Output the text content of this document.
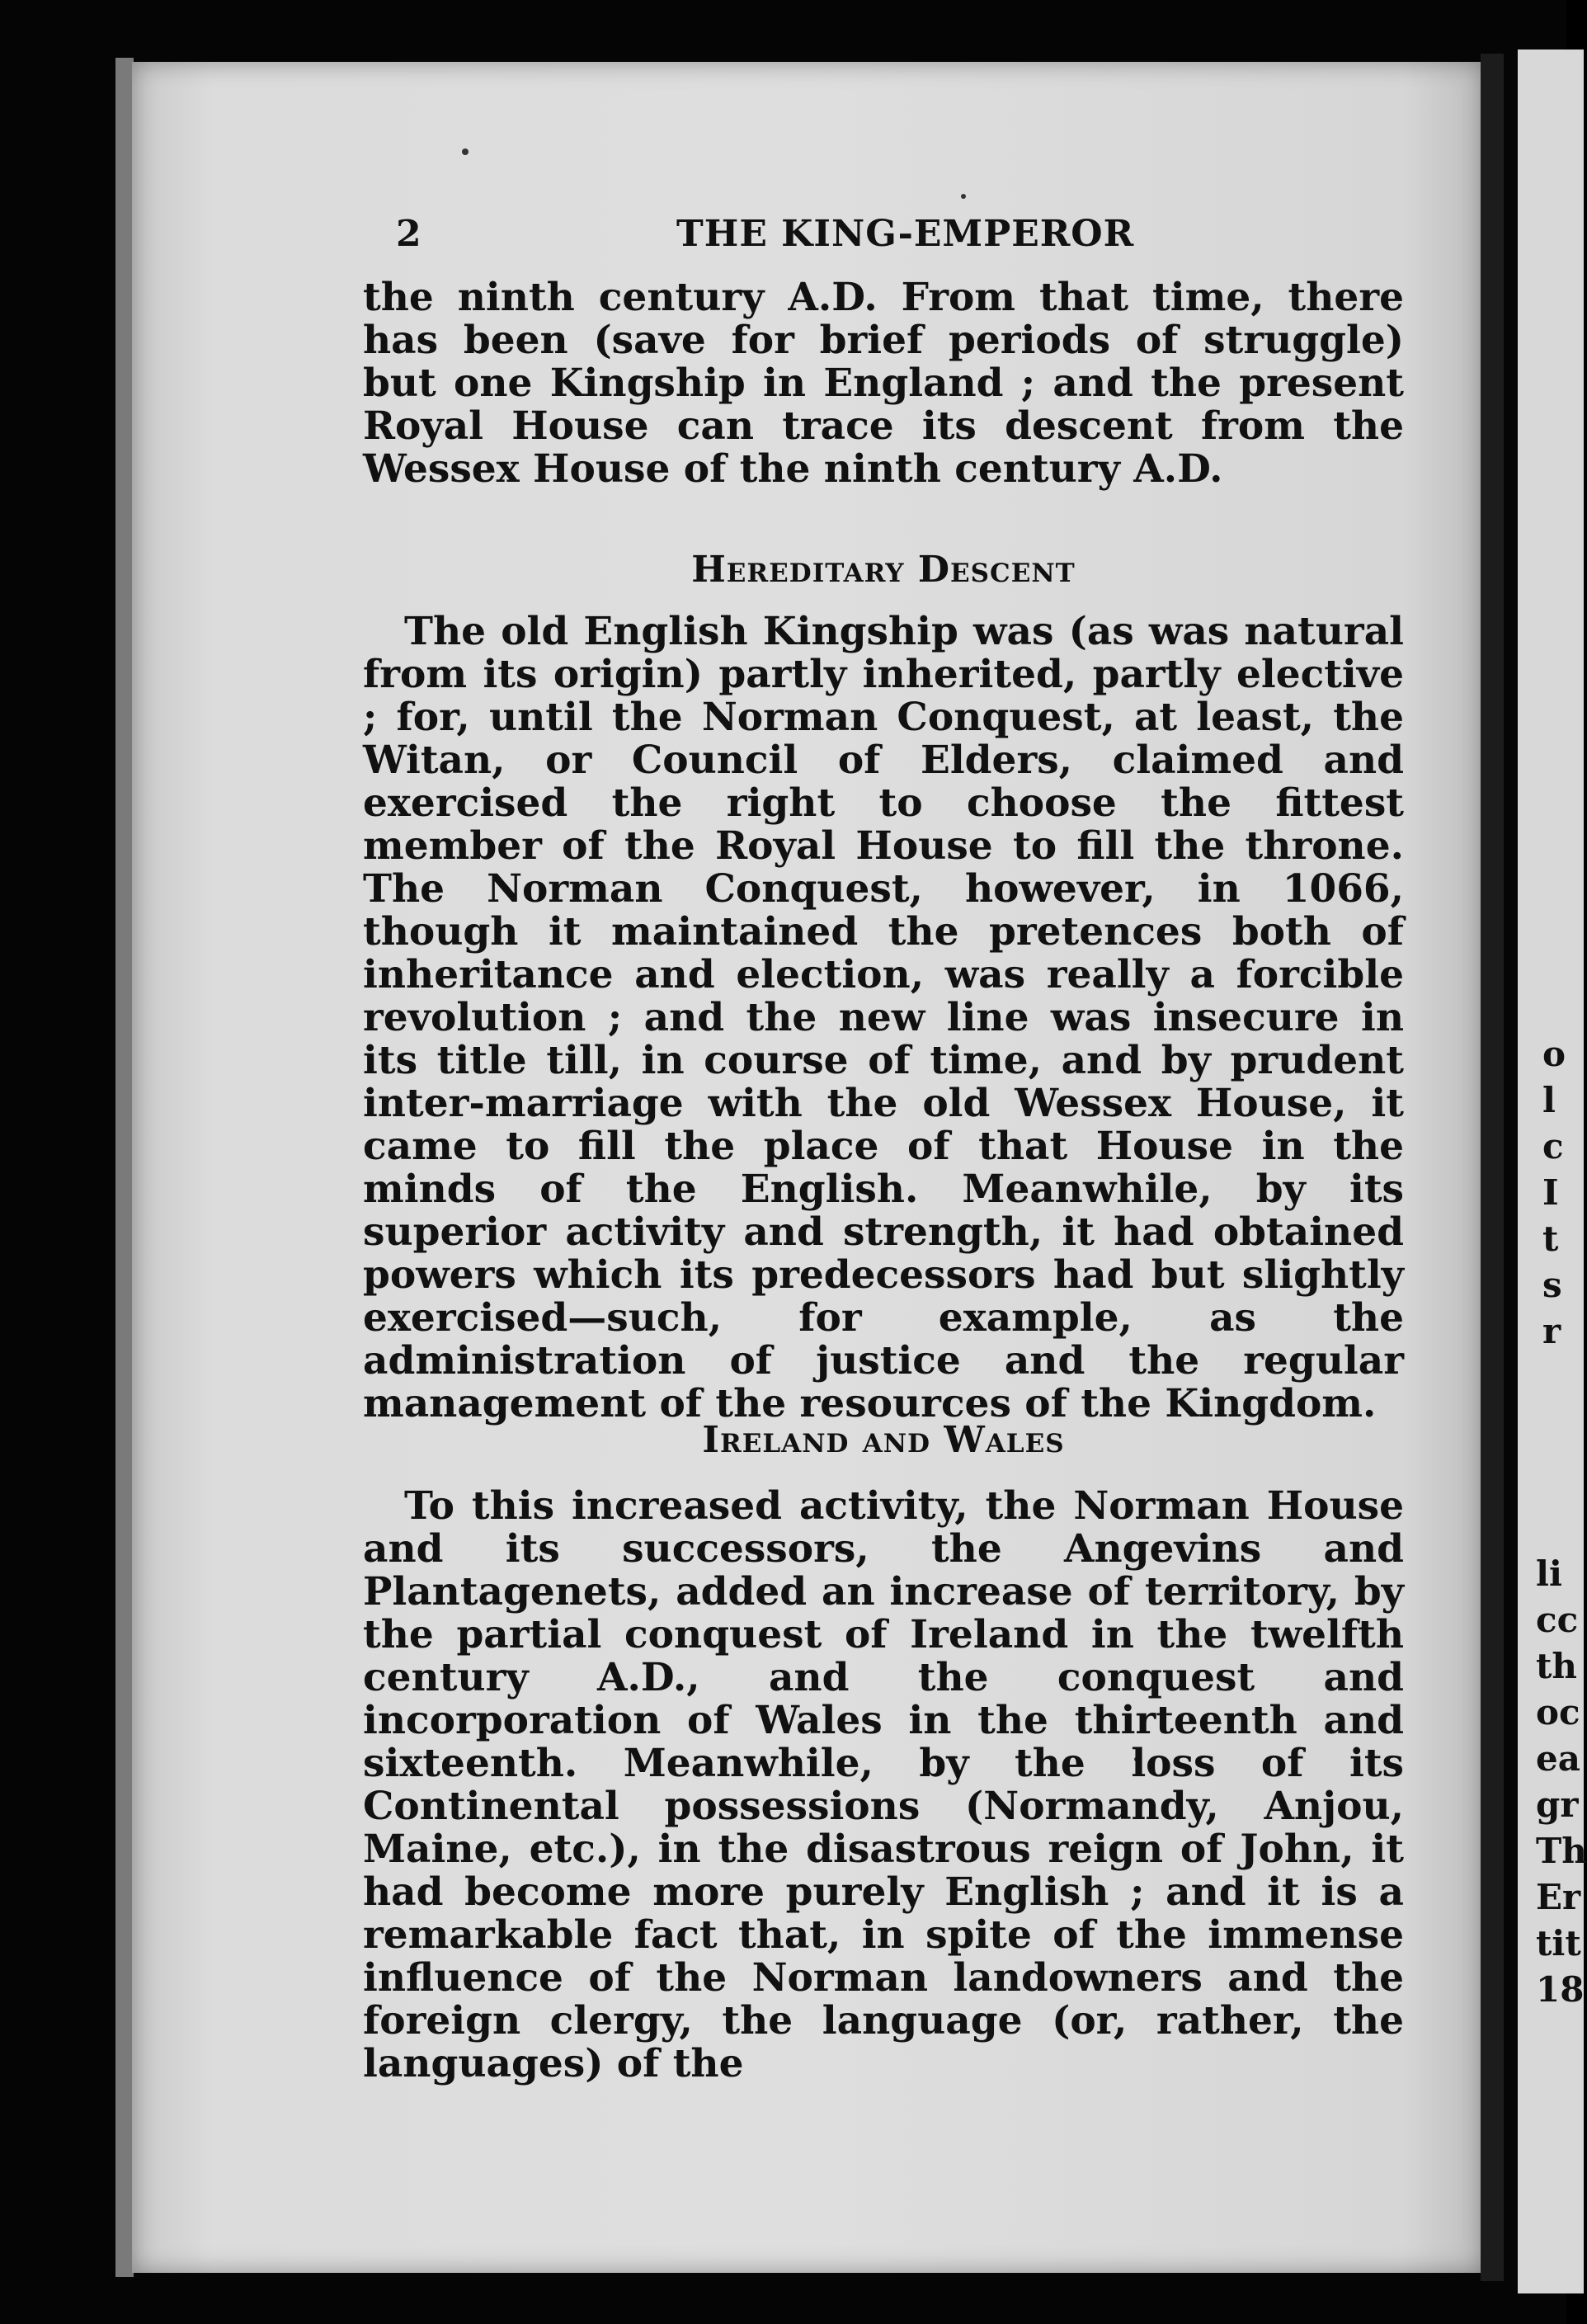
o
l
c
I
t
s
r
li
cc
th
oc
ea
gr
Th
Er
tit
18
2	THE KING-EMPEROR

the ninth century A.D. From that time, there has been (save for brief periods of struggle) but one Kingship in England ; and the present Royal House can trace its descent from the Wessex House of the ninth century A.D.

Hereditary Descent

The old English Kingship was (as was natural from its origin) partly inherited, partly elective ; for, until the Norman Conquest, at least, the Witan, or Council of Elders, claimed and exercised the right to choose the fittest member of the Royal House to fill the throne. The Norman Conquest, however, in 1066, though it maintained the pretences both of inheritance and election, was really a forcible revolution ; and the new line was insecure in its title till, in course of time, and by prudent inter-marriage with the old Wessex House, it came to fill the place of that House in the minds of the English. Meanwhile, by its superior activity and strength, it had obtained powers which its predecessors had but slightly exercised—such, for example, as the administration of justice and the regular management of the resources of the Kingdom.

Ireland and Wales

To this increased activity, the Norman House and its successors, the Angevins and Plantagenets, added an increase of territory, by the partial conquest of Ireland in the twelfth century A.D., and the conquest and incorporation of Wales in the thirteenth and sixteenth. Meanwhile, by the loss of its Continental possessions (Normandy, Anjou, Maine, etc.), in the disastrous reign of John, it had become more purely English ; and it is a remarkable fact that, in spite of the immense influence of the Norman landowners and the foreign clergy, the language (or, rather, the languages) of the
